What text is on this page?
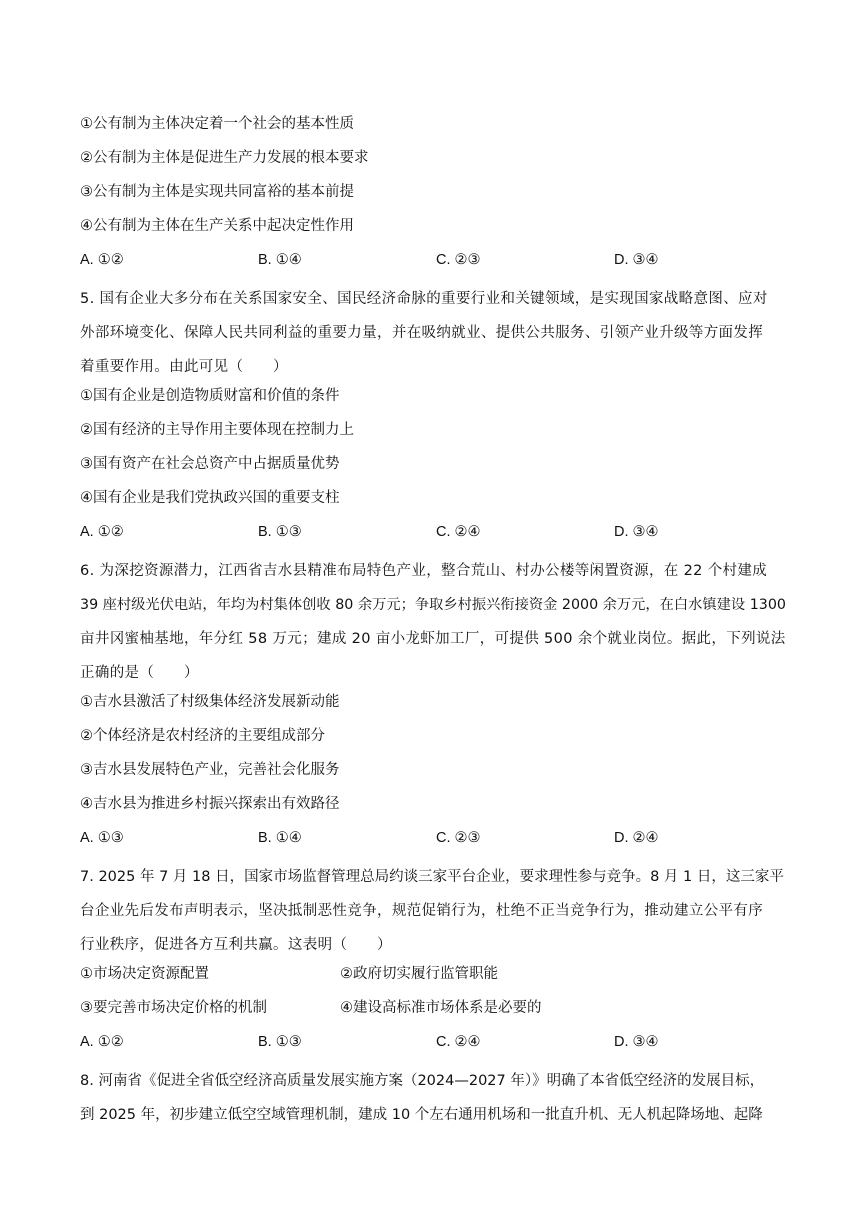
①公有制为主体决定着一个社会的基本性质
②公有制为主体是促进生产力发展的根本要求
③公有制为主体是实现共同富裕的基本前提
④公有制为主体在生产关系中起决定性作用
A. ①②	B. ①④	C. ②③	D. ③④
5. 国有企业大多分布在关系国家安全、国民经济命脉的重要行业和关键领域，是实现国家战略意图、应对
外部环境变化、保障人民共同利益的重要力量，并在吸纳就业、提供公共服务、引领产业升级等方面发挥
着重要作用。由此可见（　　）
①国有企业是创造物质财富和价值的条件
②国有经济的主导作用主要体现在控制力上
③国有资产在社会总资产中占据质量优势
④国有企业是我们党执政兴国的重要支柱
A. ①②	B. ①③	C. ②④	D. ③④
6. 为深挖资源潜力，江西省吉水县精准布局特色产业，整合荒山、村办公楼等闲置资源，在 22 个村建成
39 座村级光伏电站，年均为村集体创收 80 余万元；争取乡村振兴衔接资金 2000 余万元，在白水镇建设 1300
亩井冈蜜柚基地，年分红 58 万元；建成 20 亩小龙虾加工厂，可提供 500 余个就业岗位。据此，下列说法
正确的是（　　）
①吉水县激活了村级集体经济发展新动能
②个体经济是农村经济的主要组成部分
③吉水县发展特色产业，完善社会化服务
④吉水县为推进乡村振兴探索出有效路径
A. ①③	B. ①④	C. ②③	D. ②④
7. 2025 年 7 月 18 日，国家市场监督管理总局约谈三家平台企业，要求理性参与竞争。8 月 1 日，这三家平
台企业先后发布声明表示，坚决抵制恶性竞争，规范促销行为，杜绝不正当竞争行为，推动建立公平有序
行业秩序，促进各方互利共赢。这表明（　　）
①市场决定资源配置	②政府切实履行监管职能
③要完善市场决定价格的机制	④建设高标准市场体系是必要的
A. ①②	B. ①③	C. ②④	D. ③④
8. 河南省《促进全省低空经济高质量发展实施方案（2024—2027 年）》明确了本省低空经济的发展目标，
到 2025 年，初步建立低空空域管理机制，建成 10 个左右通用机场和一批直升机、无人机起降场地、起降
